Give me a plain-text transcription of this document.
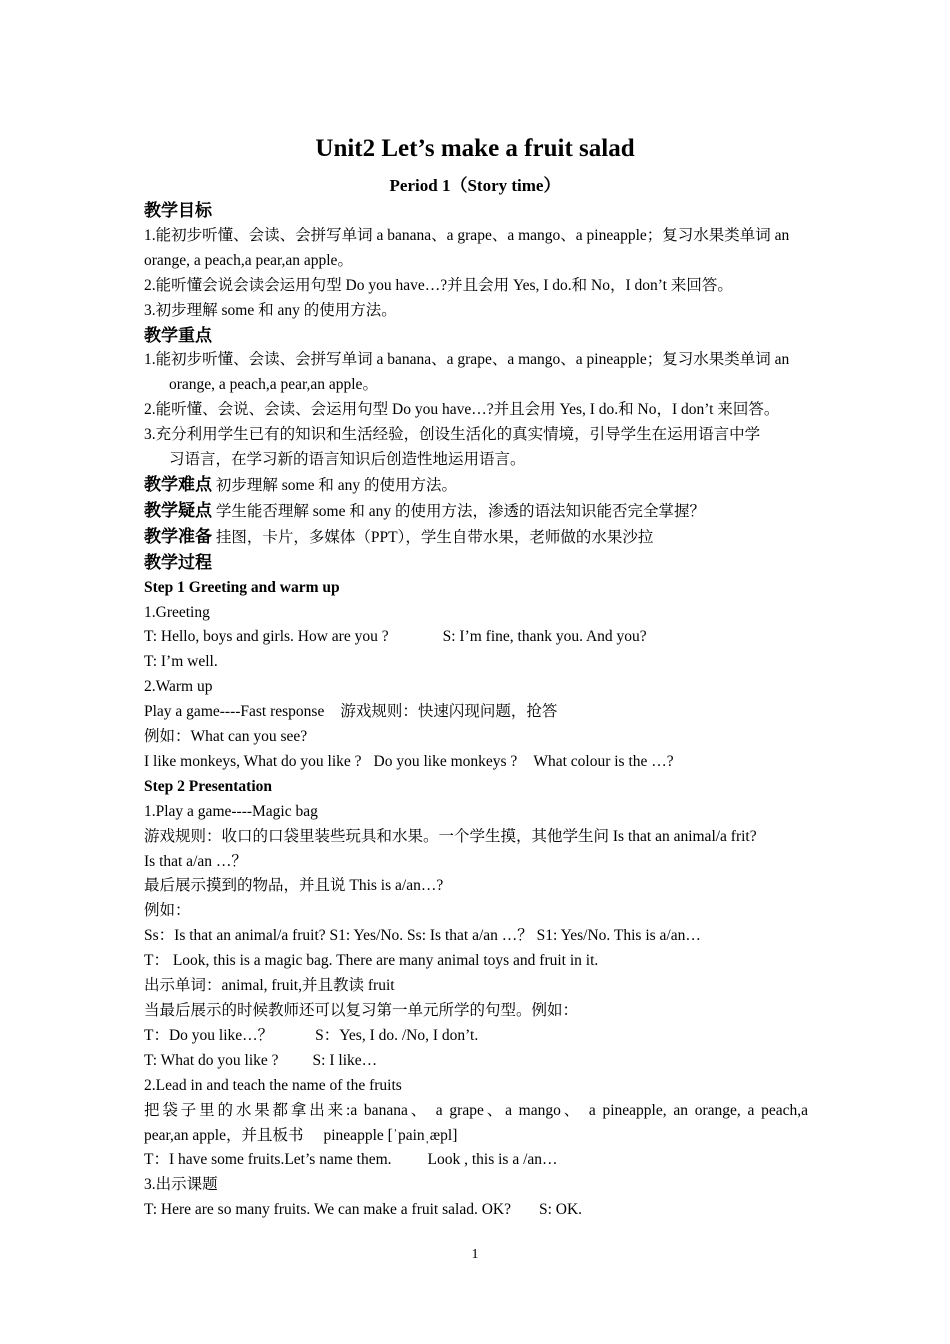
Unit2 Let’s make a fruit salad
Period 1（Story time）
教学目标
1.能初步听懂、会读、会拼写单词 a banana、a grape、a mango、a pineapple；复习水果类单词 an
orange, a peach,a pear,an apple。
2.能听懂会说会读会运用句型 Do you have…?并且会用 Yes, I do.和 No，I don’t 来回答。
3.初步理解 some 和 any 的使用方法。
教学重点
1.能初步听懂、会读、会拼写单词 a banana、a grape、a mango、a pineapple；复习水果类单词 an
orange, a peach,a pear,an apple。
2.能听懂、会说、会读、会运用句型 Do you have…?并且会用 Yes, I do.和 No，I don’t 来回答。
3.充分利用学生已有的知识和生活经验，创设生活化的真实情境，引导学生在运用语言中学
习语言，在学习新的语言知识后创造性地运用语言。
教学难点 初步理解 some 和 any 的使用方法。
教学疑点 学生能否理解 some 和 any 的使用方法，渗透的语法知识能否完全掌握？
教学准备 挂图，卡片，多媒体（PPT），学生自带水果，老师做的水果沙拉
教学过程
Step 1 Greeting and warm up
1.Greeting
T: Hello, boys and girls. How are you ?	S: I’m fine, thank you. And you?
T: I’m well.
2.Warm up
Play a game----Fast response 游戏规则：快速闪现问题，抢答
例如：What can you see?
I like monkeys, What do you like ? Do you like monkeys ? What colour is the …?
Step 2 Presentation
1.Play a game----Magic bag
游戏规则：收口的口袋里装些玩具和水果。一个学生摸，其他学生问 Is that an animal/a frit?
Is that a/an …？
最后展示摸到的物品，并且说 This is a/an…?
例如：
Ss：Is that an animal/a fruit? S1: Yes/No. Ss: Is that a/an …？ S1: Yes/No. This is a/an…
T： Look, this is a magic bag. There are many animal toys and fruit in it.
出示单词：animal, fruit,并且教读 fruit
当最后展示的时候教师还可以复习第一单元所学的句型。例如：
T：Do you like…？	S：Yes, I do. /No, I don’t.
T: What do you like ? S: I like…
2.Lead in and teach the name of the fruits
把袋子里的水果都拿出来:a banana、 a grape、a mango、 a pineapple, an orange, a peach,a
pear,an apple，并且板书 pineapple [ˈpainˌæpl]
T：I have some fruits.Let’s name them. Look , this is a /an…
3.出示课题
T: Here are so many fruits. We can make a fruit salad. OK? S: OK.
1
